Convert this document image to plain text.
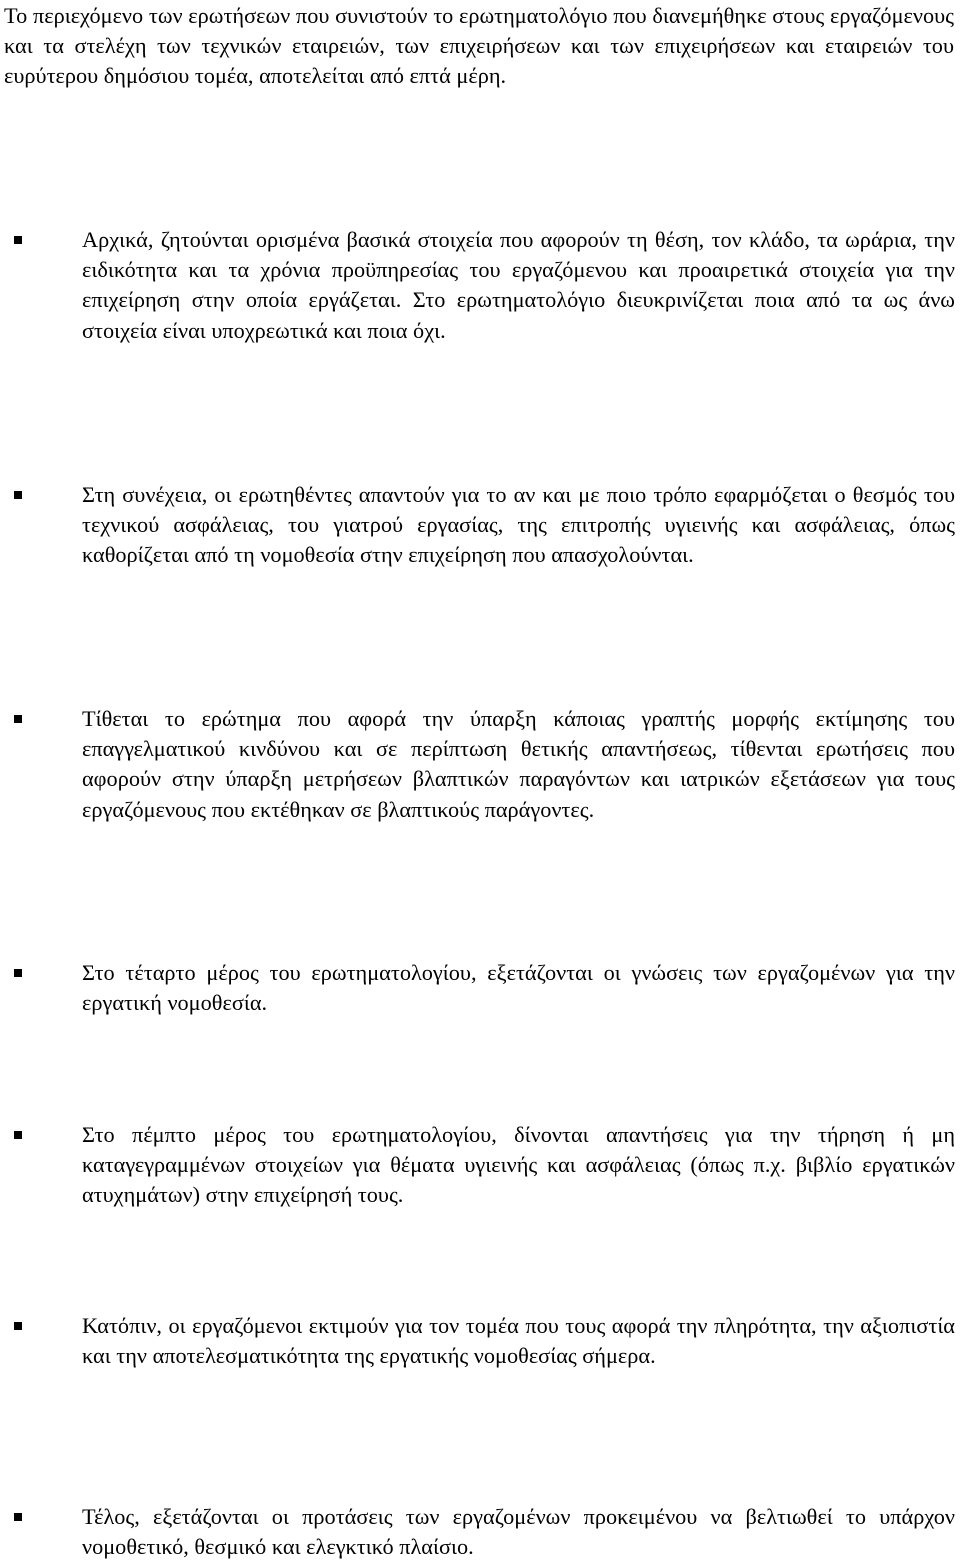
Το περιεχόμενο των ερωτήσεων που συνιστούν το ερωτηματολόγιο που διανεμήθηκε στους εργαζόμενους και τα στελέχη των τεχνικών εταιρειών, των επιχειρήσεων και των επιχειρήσεων και εταιρειών του ευρύτερου δημόσιου τομέα, αποτελείται από επτά μέρη.

Αρχικά, ζητούνται ορισμένα βασικά στοιχεία που αφορούν τη θέση, τον κλάδο, τα ωράρια, την ειδικότητα και τα χρόνια προϋπηρεσίας του εργαζόμενου και προαιρετικά στοιχεία για την επιχείρηση στην οποία εργάζεται. Στο ερωτηματολόγιο διευκρινίζεται ποια από τα ως άνω στοιχεία είναι υποχρεωτικά και ποια όχι.

Στη συνέχεια, οι ερωτηθέντες απαντούν για το αν και με ποιο τρόπο εφαρμόζεται ο θεσμός του τεχνικού ασφάλειας, του γιατρού εργασίας, της επιτροπής υγιεινής και ασφάλειας, όπως καθορίζεται από τη νομοθεσία στην επιχείρηση που απασχολούνται.

Τίθεται το ερώτημα που αφορά την ύπαρξη κάποιας γραπτής μορφής εκτίμησης του επαγγελματικού κινδύνου και σε περίπτωση θετικής απαντήσεως, τίθενται ερωτήσεις που αφορούν στην ύπαρξη μετρήσεων βλαπτικών παραγόντων και ιατρικών εξετάσεων για τους εργαζόμενους που εκτέθηκαν σε βλαπτικούς παράγοντες.

Στο τέταρτο μέρος του ερωτηματολογίου, εξετάζονται οι γνώσεις των εργαζομένων για την εργατική νομοθεσία.

Στο πέμπτο μέρος του ερωτηματολογίου, δίνονται απαντήσεις για την τήρηση ή μη καταγεγραμμένων στοιχείων για θέματα υγιεινής και ασφάλειας (όπως π.χ. βιβλίο εργατικών ατυχημάτων) στην επιχείρησή τους.

Κατόπιν, οι εργαζόμενοι εκτιμούν για τον τομέα που τους αφορά την πληρότητα, την αξιοπιστία και την αποτελεσματικότητα της εργατικής νομοθεσίας σήμερα.

Τέλος, εξετάζονται οι προτάσεις των εργαζομένων προκειμένου να βελτιωθεί το υπάρχον νομοθετικό, θεσμικό και ελεγκτικό πλαίσιο.
